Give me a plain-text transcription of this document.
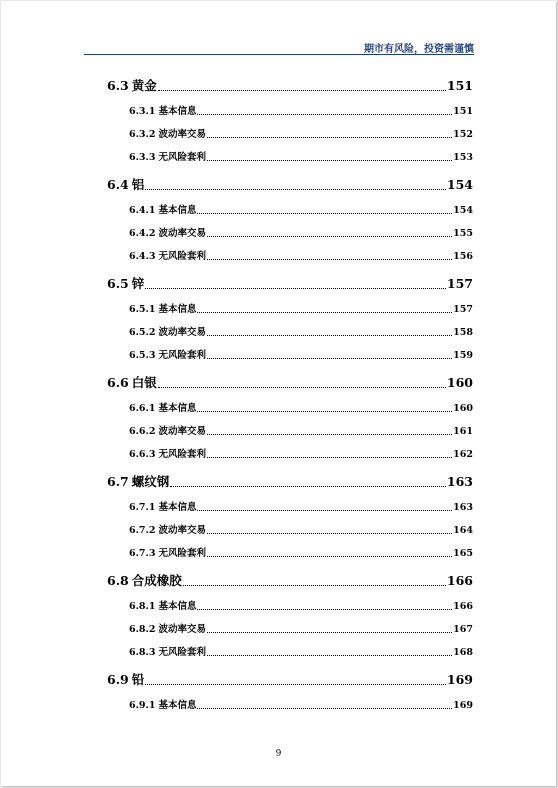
期市有风险，投资需谨慎
6.3 黄金	151
6.3.1 基本信息	151
6.3.2 波动率交易	152
6.3.3 无风险套利	153
6.4 铝	154
6.4.1 基本信息	154
6.4.2 波动率交易	155
6.4.3 无风险套利	156
6.5 锌	157
6.5.1 基本信息	157
6.5.2 波动率交易	158
6.5.3 无风险套利	159
6.6 白银	160
6.6.1 基本信息	160
6.6.2 波动率交易	161
6.6.3 无风险套利	162
6.7 螺纹钢	163
6.7.1 基本信息	163
6.7.2 波动率交易	164
6.7.3 无风险套利	165
6.8 合成橡胶	166
6.8.1 基本信息	166
6.8.2 波动率交易	167
6.8.3 无风险套利	168
6.9 铅	169
6.9.1 基本信息	169
9
